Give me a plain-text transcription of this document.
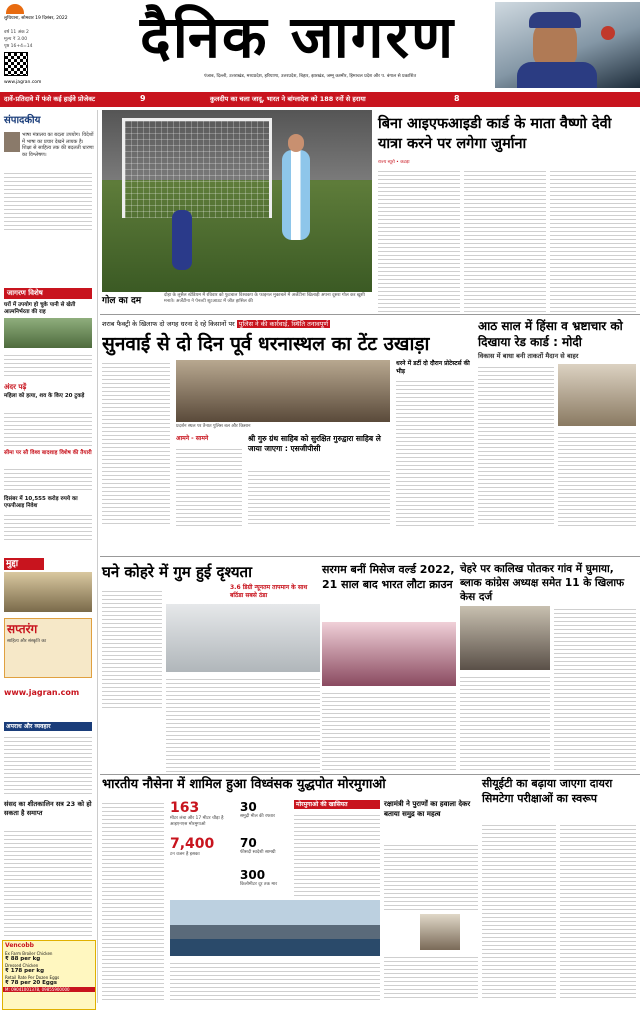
लुधियाना, सोमवार 19 दिसंबर, 2022
वर्ष 11 अंक 2
मूल्य ₹ 3.00
पृष्ठ 16+4=14
www.jagran.com
दैनिक जागरण
पंजाब, दिल्ली, उत्तराखंड, मध्यप्रदेश, हरियाणा, उत्तरप्रदेश, बिहार, झारखंड, जम्मू कश्मीर, हिमाचल प्रदेश और प. बंगाल से प्रकाशित
दावें-प्रतिदावे में फंसे कई हाईवे प्रोजेक्ट	9	कुलदीप का चला जादू, भारत ने बांग्लादेश को 188 रनों से हराया	8
संपादकीय
भाषा मंत्रालय का बदला उपयोग। विदेशों में भाषा का प्रचार देखने लायक है। शिक्षा से साहित्य तक की बदलती धारणा का विश्लेषण।
जागरण विशेष
घरों में उपयोग हो चुके पानी से खेती आत्मनिर्भरता की राह
अंदर पढ़ें
महिला को हत्या, शव के किए 20 टुकड़े
सीमा पर सौ विश्व बादशाह विशेष की तैयारी
दिसंबर में 10,555 करोड़ रुपये का एफपीआइ निवेश
मुद्दा
सप्तरंग
साहित्य और संस्कृति का
www.jagran.com
अपराध और व्यवहार
संसद का शीतकालिन सत्र 23 को हो सकता है समाप्त
Vencobb
Ex Farm Broiler Chicken
₹ 88 per kg
Dressed Chicken
₹ 178 per kg
Retail Rate Per Dozen Eggs
₹ 78 per 20 Eggs
M: 09041001378, 09855900000
गोल का दम
दोहा के लुसैल स्टेडियम में रविवार को फुटबाल विश्वकप के फाइनल मुकाबले में अर्जेंटीना खिलाड़ी अपना दूसरा गोल कर खुशी मनाते। अर्जेंटीना ने पेनल्टी शूटआउट में जीत हासिल की
बिना आइएफआइडी कार्ड के माता वैष्णो देवी यात्रा करने पर लगेगा जुर्माना
राज्य ब्यूरो • कटड़ा
शराब फैक्ट्री के खिलाफ दो जगह धरना दे रहे किसानों पर पुलिस ने की कार्रवाई, स्थिति तनावपूर्ण
सुनवाई से दो दिन पूर्व धरनास्थल का टेंट उखाड़ा
धरने में डटीं दो दौरान प्रोटेस्टर्स की भीड़
प्रदर्शन स्थल पर तैनात पुलिस बल और किसान
आमने - सामने	श्री गुरु ग्रंथ साहिब को सुरक्षित गुरुद्वारा साहिब ले जाया जाएगा : एसजीपीसी
आठ साल में हिंसा व भ्रष्टाचार को दिखाया रेड कार्ड : मोदी
विकास में बाधा बनी ताकतों मैदान से बाहर
घने कोहरे में गुम हुई दृश्यता
3.6 डिग्री न्यूनतम तापमान के साथ बठिंडा सबसे ठंडा
सरगम बनीं मिसेज वर्ल्ड 2022, 21 साल बाद भारत लौटा क्राउन
चेहरे पर कालिख पोतकर गांव में घुमाया, ब्लाक कांग्रेस अध्यक्ष समेत 11 के खिलाफ केस दर्ज
भारतीय नौसेना में शामिल हुआ विध्वंसक युद्धपोत मोरमुगाओ
163
मीटर लंबा और 17 मीटर चौड़ा है आइएनएस मोरमुगाओ
7,400
टन वजन है इसका
30
समुद्री मील की रफ्तार
70
फीसदी स्वदेशी सामग्री
300
किलोमीटर दूर तक मार
मोरमुगाओ की खासियत	रक्षामंत्री ने पुराणों का हवाला देकर बताया समुद्र का महत्व
सीयूईटी का बढ़ाया जाएगा दायरा सिमटेगा परीक्षाओं का स्वरूप
